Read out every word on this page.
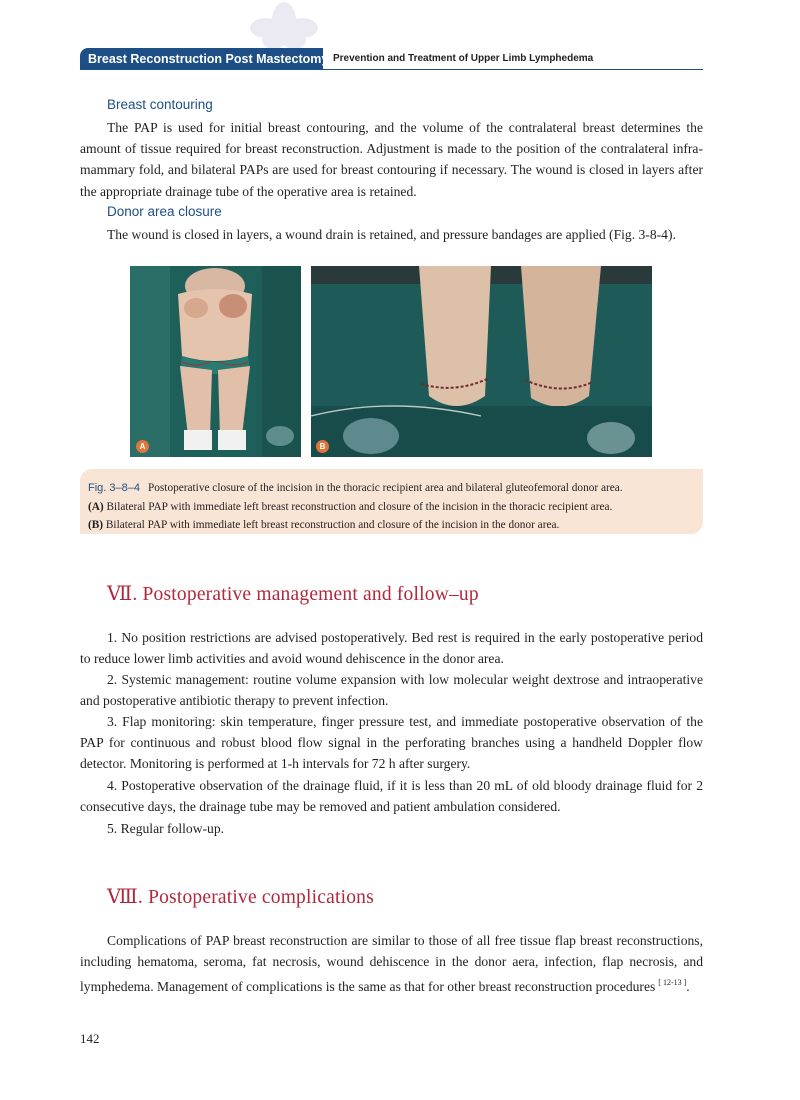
Breast Reconstruction Post Mastectomy Prevention and Treatment of Upper Limb Lymphedema
Breast contouring

The PAP is used for initial breast contouring, and the volume of the contralateral breast determines the amount of tissue required for breast reconstruction. Adjustment is made to the position of the contralateral infra-mammary fold, and bilateral PAPs are used for breast contouring if necessary. The wound is closed in layers after the appropriate drainage tube of the operative area is retained.

Donor area closure

The wound is closed in layers, a wound drain is retained, and pressure bandages are applied (Fig. 3-8-4).

A	B
Fig. 3–8–4 Postoperative closure of the incision in the thoracic recipient area and bilateral gluteofemoral donor area.
(A) Bilateral PAP with immediate left breast reconstruction and closure of the incision in the thoracic recipient area.
(B) Bilateral PAP with immediate left breast reconstruction and closure of the incision in the donor area.
Ⅶ. Postoperative management and follow–up

1. No position restrictions are advised postoperatively. Bed rest is required in the early postoperative period to reduce lower limb activities and avoid wound dehiscence in the donor area.

2. Systemic management: routine volume expansion with low molecular weight dextrose and intraoperative and postoperative antibiotic therapy to prevent infection.

3. Flap monitoring: skin temperature, finger pressure test, and immediate postoperative observation of the PAP for continuous and robust blood flow signal in the perforating branches using a handheld Doppler flow detector. Monitoring is performed at 1-h intervals for 72 h after surgery.

4. Postoperative observation of the drainage fluid, if it is less than 20 mL of old bloody drainage fluid for 2 consecutive days, the drainage tube may be removed and patient ambulation considered.

5. Regular follow-up.

Ⅷ. Postoperative complications

Complications of PAP breast reconstruction are similar to those of all free tissue flap breast reconstructions, including hematoma, seroma, fat necrosis, wound dehiscence in the donor aera, infection, flap necrosis, and lymphedema. Management of complications is the same as that for other breast reconstruction procedures [ 12-13 ].

142
